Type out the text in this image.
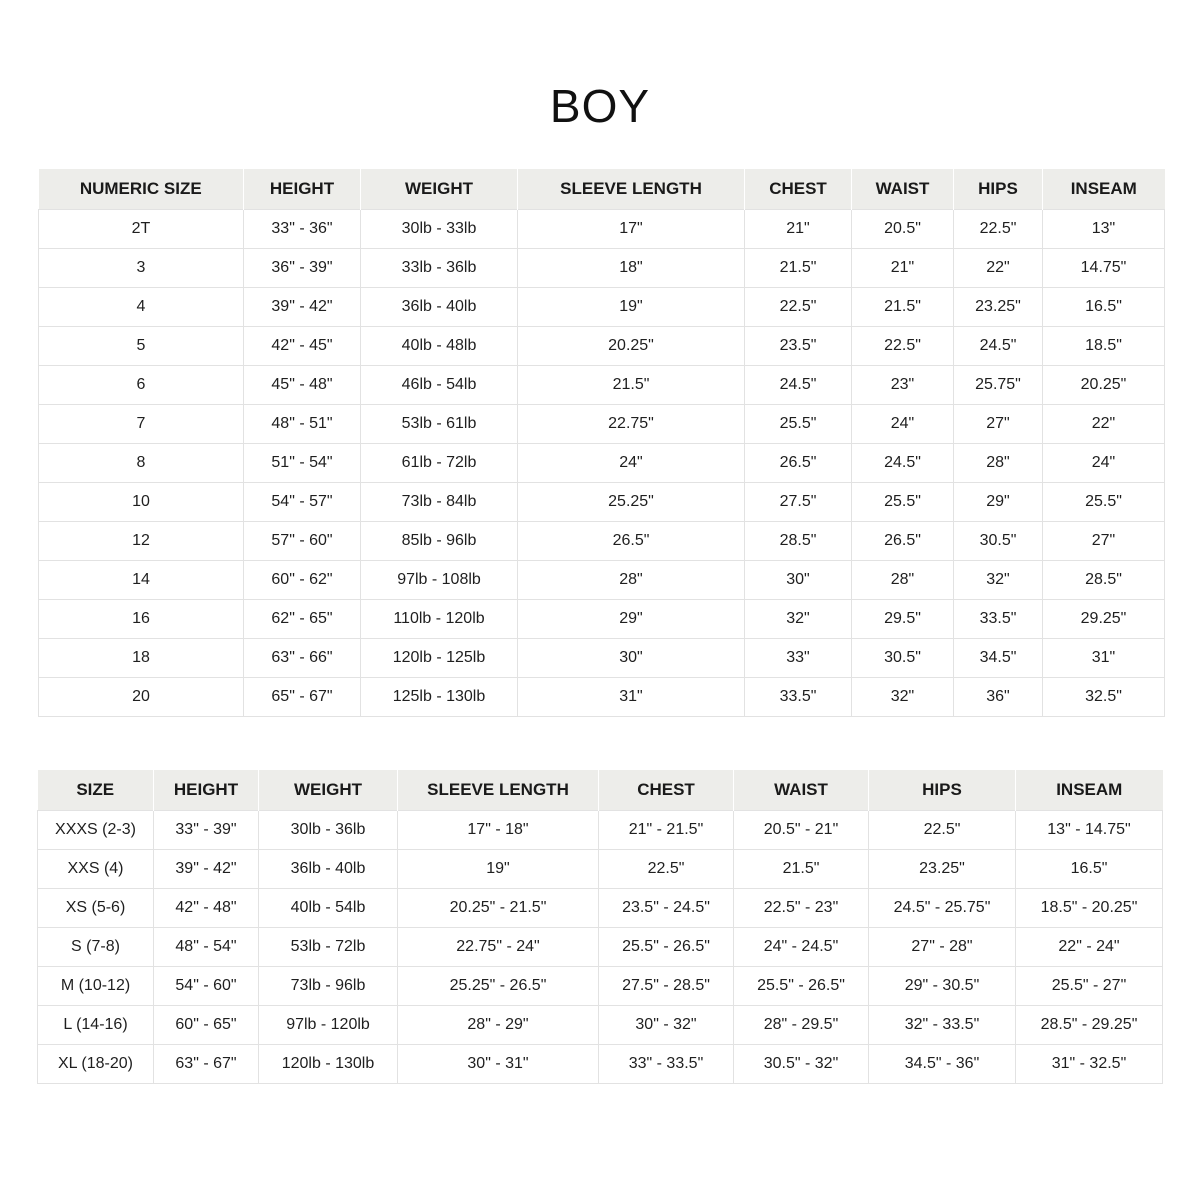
BOY
NUMERIC SIZE	HEIGHT	WEIGHT	SLEEVE LENGTH	CHEST	WAIST	HIPS	INSEAM
2T	33" - 36"	30lb - 33lb	17"	21"	20.5"	22.5"	13"
3	36" - 39"	33lb - 36lb	18"	21.5"	21"	22"	14.75"
4	39" - 42"	36lb - 40lb	19"	22.5"	21.5"	23.25"	16.5"
5	42" - 45"	40lb - 48lb	20.25"	23.5"	22.5"	24.5"	18.5"
6	45" - 48"	46lb - 54lb	21.5"	24.5"	23"	25.75"	20.25"
7	48" - 51"	53lb - 61lb	22.75"	25.5"	24"	27"	22"
8	51" - 54"	61lb - 72lb	24"	26.5"	24.5"	28"	24"
10	54" - 57"	73lb - 84lb	25.25"	27.5"	25.5"	29"	25.5"
12	57" - 60"	85lb - 96lb	26.5"	28.5"	26.5"	30.5"	27"
14	60" - 62"	97lb - 108lb	28"	30"	28"	32"	28.5"
16	62" - 65"	110lb - 120lb	29"	32"	29.5"	33.5"	29.25"
18	63" - 66"	120lb - 125lb	30"	33"	30.5"	34.5"	31"
20	65" - 67"	125lb - 130lb	31"	33.5"	32"	36"	32.5"
SIZE	HEIGHT	WEIGHT	SLEEVE LENGTH	CHEST	WAIST	HIPS	INSEAM
XXXS (2-3)	33" - 39"	30lb - 36lb	17" - 18"	21" - 21.5"	20.5" - 21"	22.5"	13" - 14.75"
XXS (4)	39" - 42"	36lb - 40lb	19"	22.5"	21.5"	23.25"	16.5"
XS (5-6)	42" - 48"	40lb - 54lb	20.25" - 21.5"	23.5" - 24.5"	22.5" - 23"	24.5" - 25.75"	18.5" - 20.25"
S (7-8)	48" - 54"	53lb - 72lb	22.75" - 24"	25.5" - 26.5"	24" - 24.5"	27" - 28"	22" - 24"
M (10-12)	54" - 60"	73lb - 96lb	25.25" - 26.5"	27.5" - 28.5"	25.5" - 26.5"	29" - 30.5"	25.5" - 27"
L (14-16)	60" - 65"	97lb - 120lb	28" - 29"	30" - 32"	28" - 29.5"	32" - 33.5"	28.5" - 29.25"
XL (18-20)	63" - 67"	120lb - 130lb	30" - 31"	33" - 33.5"	30.5" - 32"	34.5" - 36"	31" - 32.5"
